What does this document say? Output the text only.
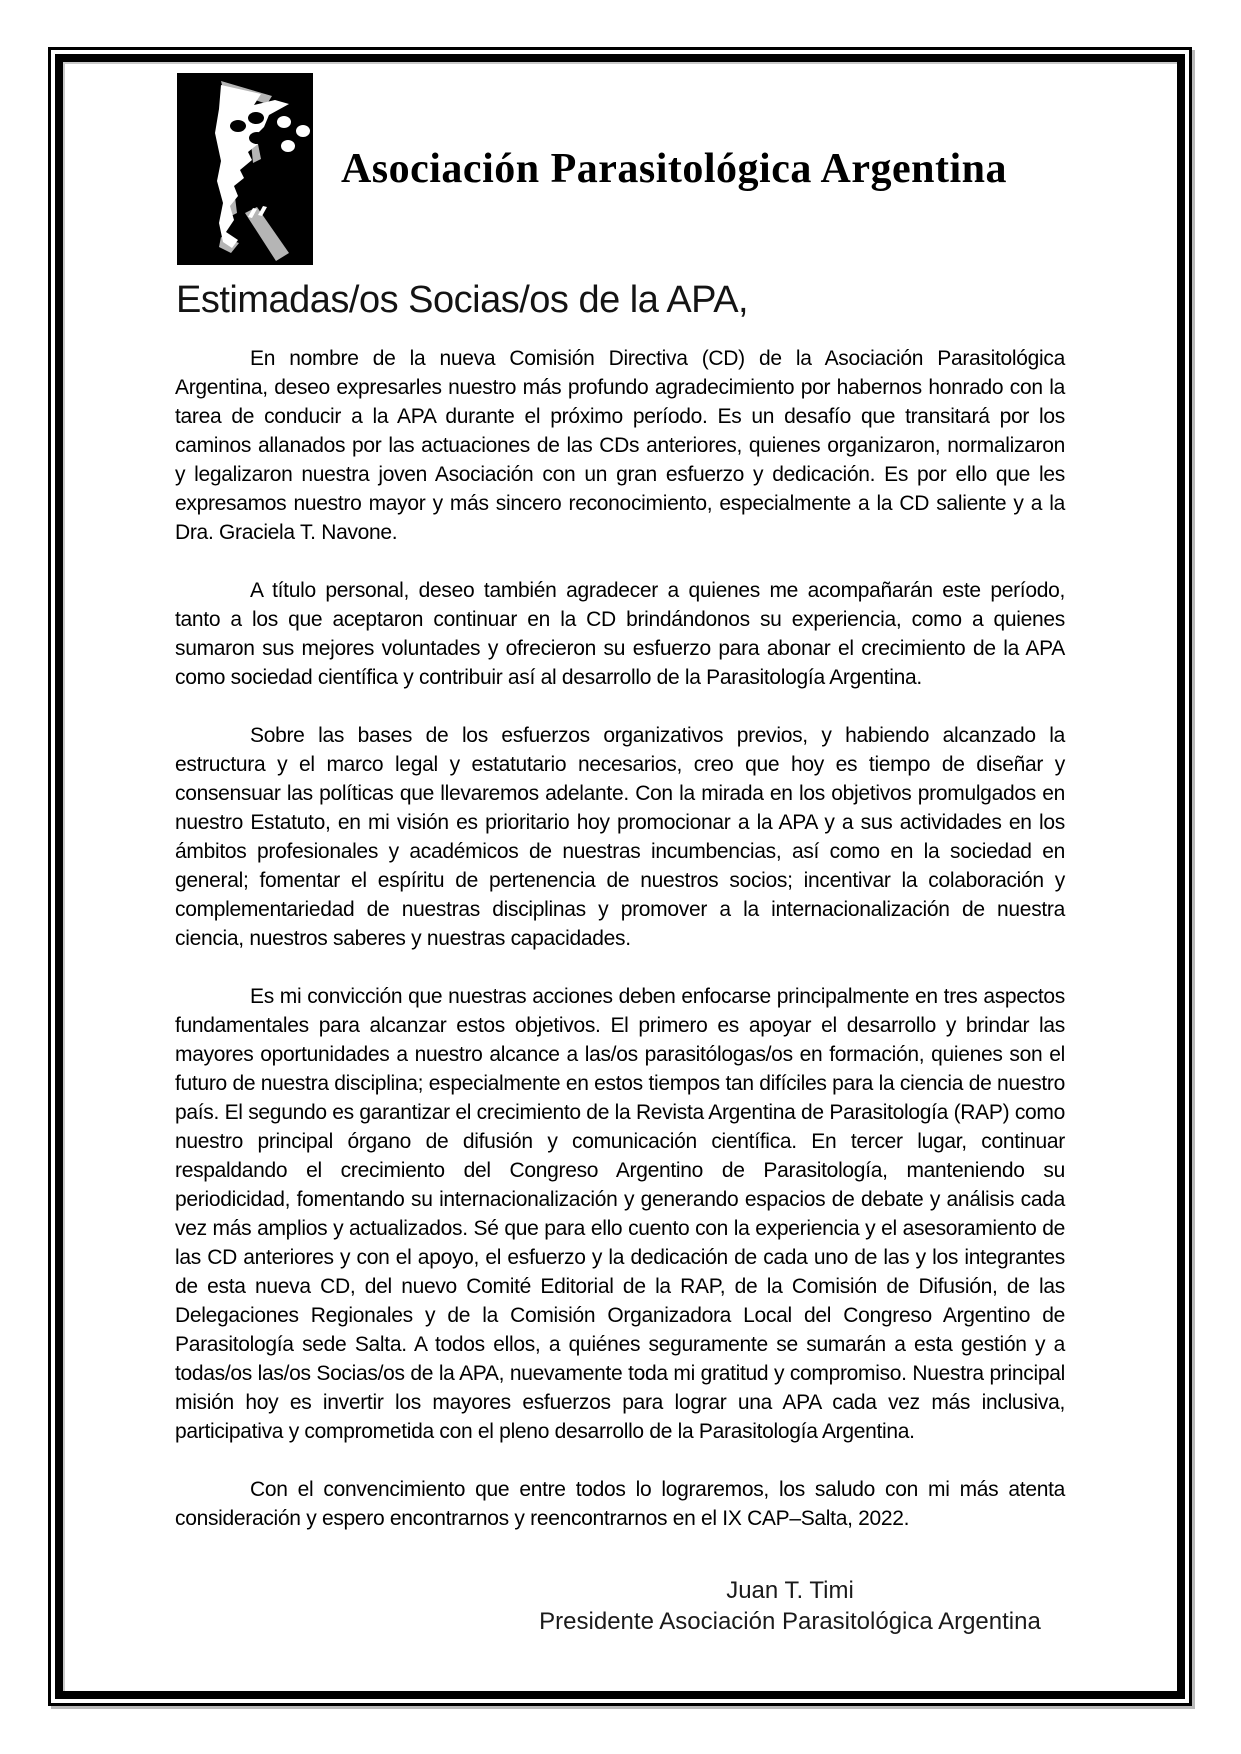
Asociación Parasitológica Argentina
Estimadas/os Socias/os de la APA,

En nombre de la nueva Comisión Directiva (CD) de la Asociación Parasitológica Argentina, deseo expresarles nuestro más profundo agradecimiento por habernos honrado con la tarea de conducir a la APA durante el próximo período. Es un desafío que transitará por los caminos allanados por las actuaciones de las CDs anteriores, quienes organizaron, normalizaron y legalizaron nuestra joven Asociación con un gran esfuerzo y dedicación. Es por ello que les expresamos nuestro mayor y más sincero reconocimiento, especialmente a la CD saliente y a la Dra. Graciela T. Navone.

A título personal, deseo también agradecer a quienes me acompañarán este período, tanto a los que aceptaron continuar en la CD brindándonos su experiencia, como a quienes sumaron sus mejores voluntades y ofrecieron su esfuerzo para abonar el crecimiento de la APA como sociedad científica y contribuir así al desarrollo de la Parasitología Argentina.

Sobre las bases de los esfuerzos organizativos previos, y habiendo alcanzado la estructura y el marco legal y estatutario necesarios, creo que hoy es tiempo de diseñar y consensuar las políticas que llevaremos adelante. Con la mirada en los objetivos promulgados en nuestro Estatuto, en mi visión es prioritario hoy promocionar a la APA y a sus actividades en los ámbitos profesionales y académicos de nuestras incumbencias, así como en la sociedad en general; fomentar el espíritu de pertenencia de nuestros socios; incentivar la colaboración y complementariedad de nuestras disciplinas y promover a la internacionalización de nuestra ciencia, nuestros saberes y nuestras capacidades.

Es mi convicción que nuestras acciones deben enfocarse principalmente en tres aspectos fundamentales para alcanzar estos objetivos. El primero es apoyar el desarrollo y brindar las mayores oportunidades a nuestro alcance a las/os parasitólogas/os en formación, quienes son el futuro de nuestra disciplina; especialmente en estos tiempos tan difíciles para la ciencia de nuestro país. El segundo es garantizar el crecimiento de la Revista Argentina de Parasitología (RAP) como nuestro principal órgano de difusión y comunicación científica. En tercer lugar, continuar respaldando el crecimiento del Congreso Argentino de Parasitología, manteniendo su periodicidad, fomentando su internacionalización y generando espacios de debate y análisis cada vez más amplios y actualizados. Sé que para ello cuento con la experiencia y el asesoramiento de las CD anteriores y con el apoyo, el esfuerzo y la dedicación de cada uno de las y los integrantes de esta nueva CD, del nuevo Comité Editorial de la RAP, de la Comisión de Difusión, de las Delegaciones Regionales y de la Comisión Organizadora Local del Congreso Argentino de Parasitología sede Salta. A todos ellos, a quiénes seguramente se sumarán a esta gestión y a todas/os las/os Socias/os de la APA, nuevamente toda mi gratitud y compromiso. Nuestra principal misión hoy es invertir los mayores esfuerzos para lograr una APA cada vez más inclusiva, participativa y comprometida con el pleno desarrollo de la Parasitología Argentina.

Con el convencimiento que entre todos lo lograremos, los saludo con mi más atenta consideración y espero encontrarnos y reencontrarnos en el IX CAP–Salta, 2022.

Juan T. Timi
Presidente Asociación Parasitológica Argentina
